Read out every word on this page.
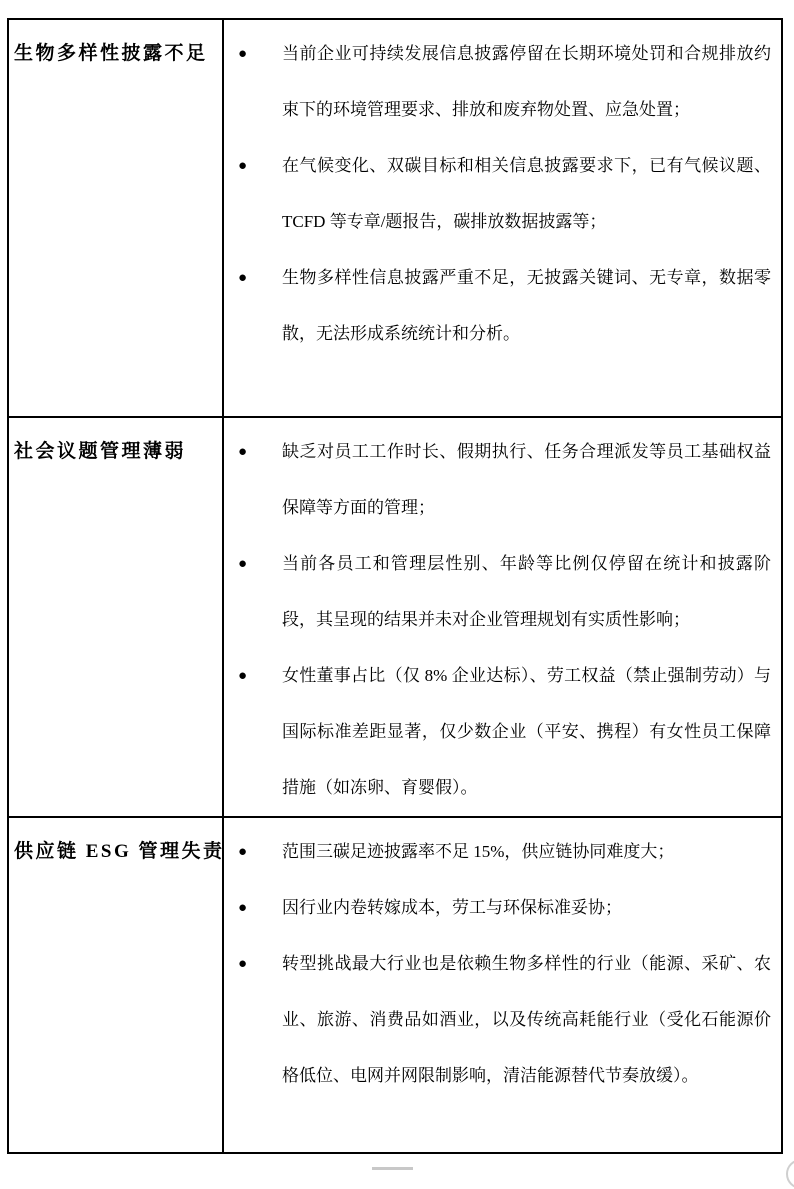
生物多样性披露不足	●	当前企业可持续发展信息披露停留在长期环境处罚和合规排放约束下的环境管理要求、排放和废弃物处置、应急处置；
●	在气候变化、双碳目标和相关信息披露要求下，已有气候议题、TCFD 等专章/题报告，碳排放数据披露等；
●	生物多样性信息披露严重不足，无披露关键词、无专章，数据零散，无法形成系统统计和分析。
社会议题管理薄弱	●	缺乏对员工工作时长、假期执行、任务合理派发等员工基础权益保障等方面的管理；
●	当前各员工和管理层性别、年龄等比例仅停留在统计和披露阶段，其呈现的结果并未对企业管理规划有实质性影响；
●	女性董事占比（仅 8% 企业达标）、劳工权益（禁止强制劳动）与国际标准差距显著，仅少数企业（平安、携程）有女性员工保障措施（如冻卵、育婴假）。
供应链 ESG 管理失责 ●	范围三碳足迹披露率不足 15%，供应链协同难度大；
●	因行业内卷转嫁成本，劳工与环保标准妥协；
●	转型挑战最大行业也是依赖生物多样性的行业（能源、采矿、农业、旅游、消费品如酒业，以及传统高耗能行业（受化石能源价格低位、电网并网限制影响，清洁能源替代节奏放缓）。
